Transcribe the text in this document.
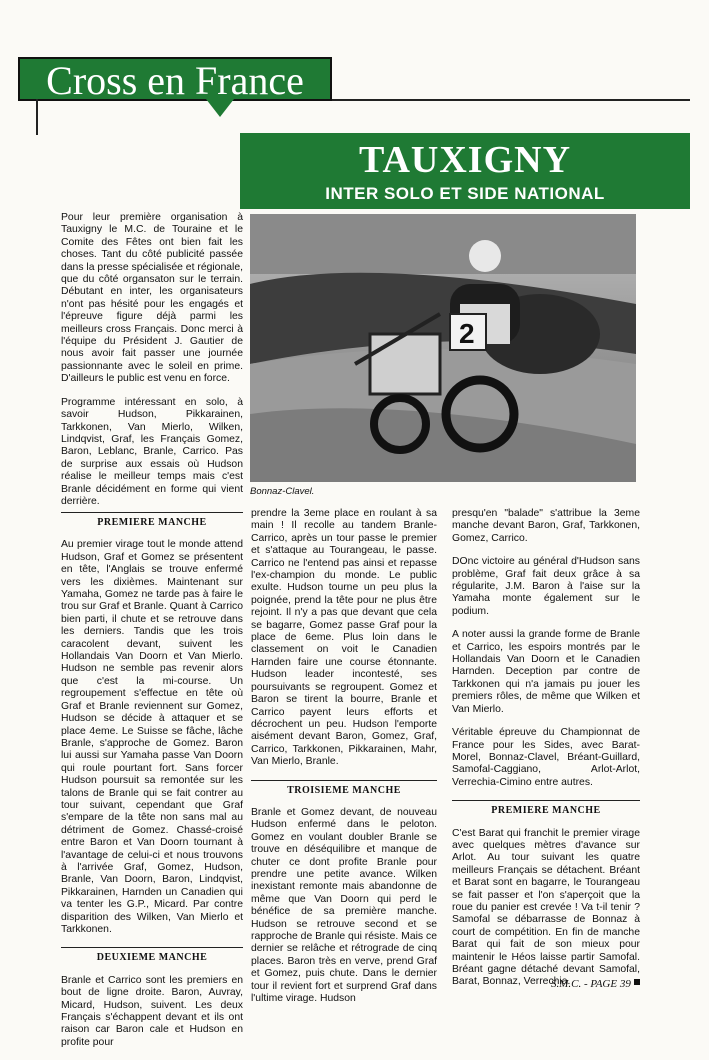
Cross en France
TAUXIGNY
INTER SOLO ET SIDE NATIONAL

Pour leur première organisation à Tauxigny le M.C. de Touraine et le Comite des Fêtes ont bien fait les choses. Tant du côté publicité passée dans la presse spécialisée et régionale, que du côté organsaton sur le terrain. Débutant en inter, les organisateurs n'ont pas hésité pour les engagés et l'épreuve figure déjà parmi les meilleurs cross Français. Donc merci à l'équipe du Président J. Gautier de nous avoir fait passer une journée passionnante avec le soleil en prime. D'ailleurs le public est venu en force.

Programme intéressant en solo, à savoir Hudson, Pikkarainen, Tarkkonen, Van Mierlo, Wilken, Lindqvist, Graf, les Français Gomez, Baron, Leblanc, Branle, Carrico. Pas de surprise aux essais où Hudson réalise le meilleur temps mais c'est Branle décidément en forme qui vient derrière.

2
Bonnaz-Clavel.
PREMIERE MANCHE

Au premier virage tout le monde attend Hudson, Graf et Gomez se présentent en tête, l'Anglais se trouve enfermé vers les dixièmes. Maintenant sur Yamaha, Gomez ne tarde pas à faire le trou sur Graf et Branle. Quant à Carrico bien parti, il chute et se retrouve dans les derniers. Tandis que les trois caracolent devant, suivent les Hollandais Van Doorn et Van Mierlo. Hudson ne semble pas revenir alors que c'est la mi-course. Un regroupement s'effectue en tête où Graf et Branle reviennent sur Gomez, Hudson se décide à attaquer et se place 4eme. Le Suisse se fâche, lâche Branle, s'approche de Gomez. Baron lui aussi sur Yamaha passe Van Doorn qui roule pourtant fort. Sans forcer Hudson poursuit sa remontée sur les talons de Branle qui se fait contrer au tour suivant, cependant que Graf s'empare de la tête non sans mal au détriment de Gomez. Chassé-croisé entre Baron et Van Doorn tournant à l'avantage de celui-ci et nous trouvons à l'arrivée Graf, Gomez, Hudson, Branle, Van Doorn, Baron, Lindqvist, Pikkarainen, Harnden un Canadien qui va tenter les G.P., Micard. Par contre disparition des Wilken, Van Mierlo et Tarkkonen.

DEUXIEME MANCHE

Branle et Carrico sont les premiers en bout de ligne droite. Baron, Auvray, Micard, Hudson, suivent. Les deux Français s'échappent devant et ils ont raison car Baron cale et Hudson en profite pour

prendre la 3eme place en roulant à sa main ! Il recolle au tandem Branle-Carrico, après un tour passe le premier et s'attaque au Tourangeau, le passe. Carrico ne l'entend pas ainsi et repasse l'ex-champion du monde. Le public exulte. Hudson tourne un peu plus la poignée, prend la tête pour ne plus être rejoint. Il n'y a pas que devant que cela se bagarre, Gomez passe Graf pour la place de 6eme. Plus loin dans le classement on voit le Canadien Harnden faire une course étonnante. Hudson leader incontesté, ses poursuivants se regroupent. Gomez et Baron se tirent la bourre, Branle et Carrico payent leurs efforts et décrochent un peu. Hudson l'emporte aisément devant Baron, Gomez, Graf, Carrico, Tarkkonen, Pikkarainen, Mahr, Van Mierlo, Branle.

TROISIEME MANCHE

Branle et Gomez devant, de nouveau Hudson enfermé dans le peloton. Gomez en voulant doubler Branle se trouve en déséquilibre et manque de chuter ce dont profite Branle pour prendre une petite avance. Wilken inexistant remonte mais abandonne de même que Van Doorn qui perd le bénéfice de sa première manche. Hudson se retrouve second et se rapproche de Branle qui résiste. Mais ce dernier se relâche et rétrograde de cinq places. Baron très en verve, prend Graf et Gomez, puis chute. Dans le dernier tour il revient fort et surprend Graf dans l'ultime virage. Hudson

presqu'en "balade" s'attribue la 3eme manche devant Baron, Graf, Tarkkonen, Gomez, Carrico.

DOnc victoire au général d'Hudson sans problème, Graf fait deux grâce à sa régularite, J.M. Baron à l'aise sur la Yamaha monte également sur le podium.

A noter aussi la grande forme de Branle et Carrico, les espoirs montrés par le Hollandais Van Doorn et le Canadien Harnden. Deception par contre de Tarkkonen qui n'a jamais pu jouer les premiers rôles, de même que Wilken et Van Mierlo.

Véritable épreuve du Championnat de France pour les Sides, avec Barat-Morel, Bonnaz-Clavel, Bréant-Guillard, Samofal-Caggiano, Arlot-Arlot, Verrechia-Cimino entre autres.

PREMIERE MANCHE

C'est Barat qui franchit le premier virage avec quelques mètres d'avance sur Arlot. Au tour suivant les quatre meilleurs Français se détachent. Bréant et Barat sont en bagarre, le Tourangeau se fait passer et l'on s'aperçoit que la roue du panier est crevée ! Va t-il tenir ? Samofal se débarrasse de Bonnaz à court de compétition. En fin de manche Barat qui fait de son mieux pour maintenir le Héos laisse partir Samofal. Bréant gagne détaché devant Samofal, Barat, Bonnaz, Verrechia.

S.M.C. - PAGE 39
